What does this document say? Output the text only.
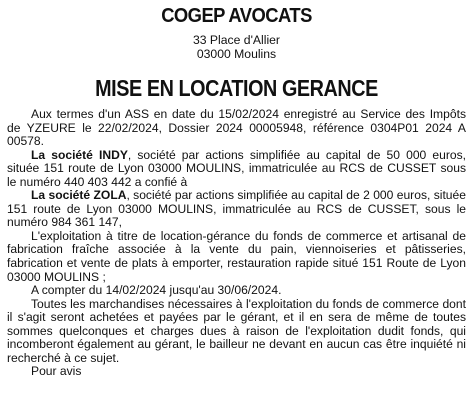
COGEP AVOCATS
33 Place d'Allier
03000 Moulins
MISE EN LOCATION GERANCE

Aux termes d'un ASS en date du 15/02/2024 enregistré au Service des Impôts de YZEURE le 22/02/2024, Dossier 2024 00005948, référence 0304P01 2024 A 00578.

La société INDY, société par actions simplifiée au capital de 50 000 euros, située 151 route de Lyon 03000 MOULINS, immatriculée au RCS de CUSSET sous le numéro 440 403 442 a confié à

La société ZOLA, société par actions simplifiée au capital de 2 000 euros, située 151 route de Lyon 03000 MOULINS, immatriculée au RCS de CUSSET, sous le numéro 984 361 147,

L'exploitation à titre de location-gérance du fonds de commerce et artisanal de fabrication fraîche associée à la vente du pain, viennoiseries et pâtisseries, fabrication et vente de plats à emporter, restauration rapide situé 151 Route de Lyon 03000 MOULINS ;

A compter du 14/02/2024 jusqu'au 30/06/2024.

Toutes les marchandises nécessaires à l'exploitation du fonds de commerce dont il s'agit seront achetées et payées par le gérant, et il en sera de même de toutes sommes quelconques et charges dues à raison de l'exploitation dudit fonds, qui incomberont également au gérant, le bailleur ne devant en aucun cas être inquiété ni recherché à ce sujet.

Pour avis
